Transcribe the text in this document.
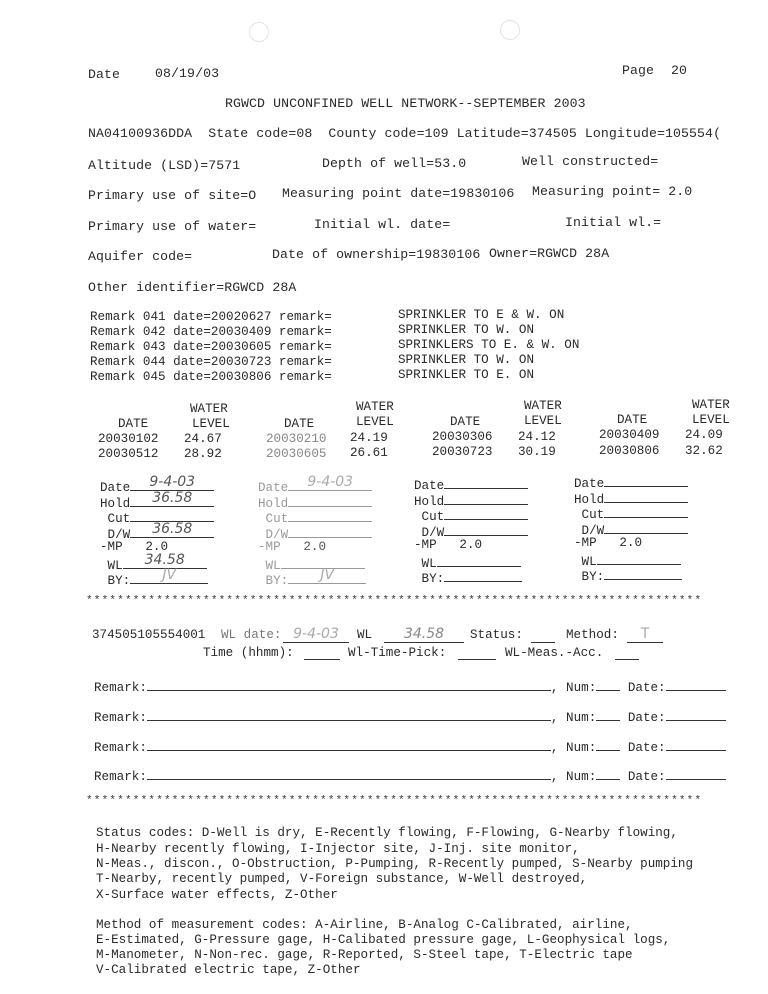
Date	08/19/03	Page 20
RGWCD UNCONFINED WELL NETWORK--SEPTEMBER 2003
NA04100936DDA  State code=08  County code=109 Latitude=374505 Longitude=105554(
Altitude (LSD)=7571	Depth of well=53.0	Well constructed=
Primary use of site=O Measuring point date=19830106 Measuring point= 2.0
Primary use of water=	Initial wl. date=	Initial wl.=
Aquifer code=	Date of ownership=19830106 Owner=RGWCD 28A
Other identifier=RGWCD 28A
Remark 041 date=20020627 remark=	SPRINKLER TO E & W. ON
Remark 042 date=20030409 remark=	SPRINKLER TO W. ON
Remark 043 date=20030605 remark=	SPRINKLERS TO E. & W. ON
Remark 044 date=20030723 remark=	SPRINKLER TO W. ON
Remark 045 date=20030806 remark=	SPRINKLER TO E. ON
WATER
DATE	LEVEL
WATER
DATE	LEVEL
WATER
DATE	LEVEL
WATER
DATE	LEVEL
20030102 24.67	20030210 24.19	20030306 24.12	20030409 24.09
20030512 28.92	20030605 26.61	20030723 30.19	20030806 32.62
Date	9-4-03
Hold	36.58
Cut
D/W	36.58
-MP 2.0
WL	34.58
BY:	JV
Date	9-4-03
Hold
Cut
D/W
-MP 2.0
WL
BY:	JV
Date
Hold
Cut
D/W
-MP 2.0
WL
BY:
Date
Hold
Cut
D/W
-MP 2.0
WL
BY:
*******************************************************************************
374505105554001 WL date: 9-4-03	WL	34.58	Status:	Method:	T
Time (hhmm):	Wl-Time-Pick:	WL-Meas.-Acc.
Remark:	, Num:	Date:
Remark:	, Num:	Date:
Remark:	, Num:	Date:
Remark:	, Num:	Date:
*******************************************************************************
Status codes: D-Well is dry, E-Recently flowing, F-Flowing, G-Nearby flowing,
H-Nearby recently flowing, I-Injector site, J-Inj. site monitor,
N-Meas., discon., O-Obstruction, P-Pumping, R-Recently pumped, S-Nearby pumping
T-Nearby, recently pumped, V-Foreign substance, W-Well destroyed,
X-Surface water effects, Z-Other
Method of measurement codes: A-Airline, B-Analog C-Calibrated, airline,
E-Estimated, G-Pressure gage, H-Calibated pressure gage, L-Geophysical logs,
M-Manometer, N-Non-rec. gage, R-Reported, S-Steel tape, T-Electric tape
V-Calibrated electric tape, Z-Other
